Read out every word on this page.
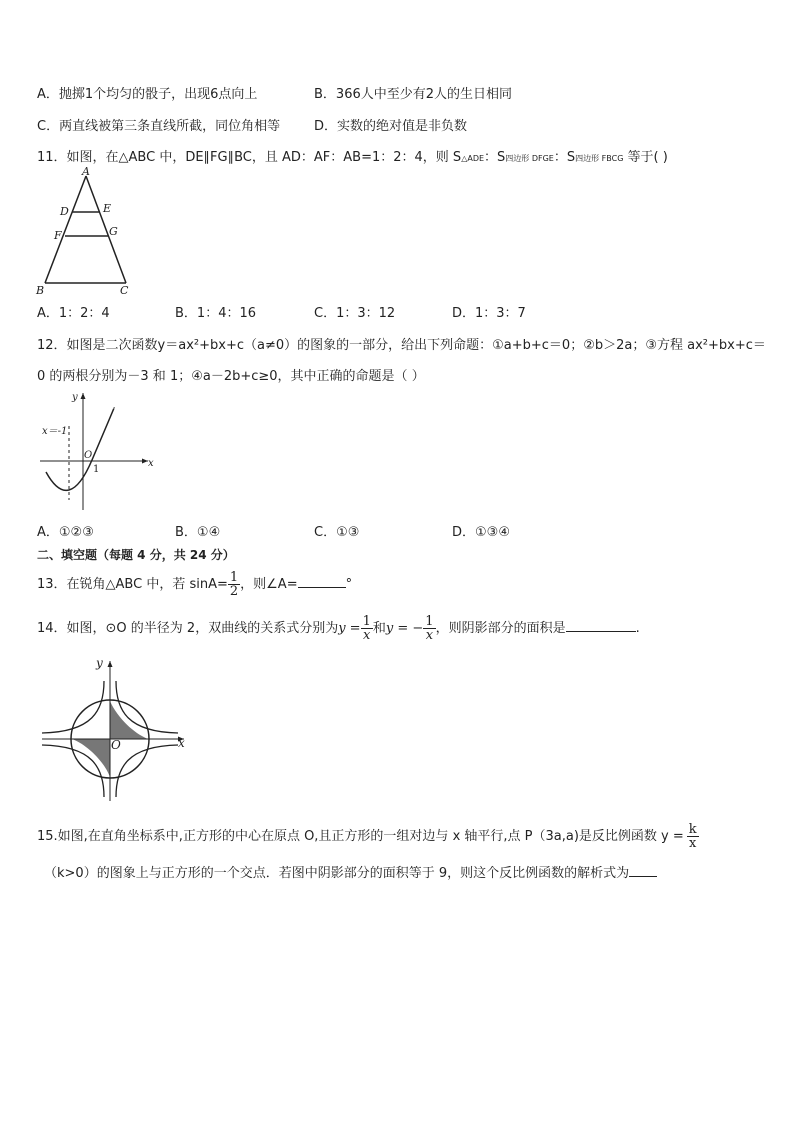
A．抛掷1个均匀的骰子，出现6点向上	B．366人中至少有2人的生日相同
C．两直线被第三条直线所截，同位角相等	D．实数的绝对值是非负数
11．如图，在△ABC 中，DE∥FG∥BC，且 AD：AF：AB=1：2：4，则 S△ADE：S四边形 DFGE：S四边形 FBCG 等于( )
A
D	E
F	G
B	C
A．1：2：4	B．1：4：16	C．1：3：12	D．1：3：7
12．如图是二次函数y＝ax²+bx+c（a≠0）的图象的一部分，给出下列命题：①a+b+c＝0；②b＞2a；③方程 ax²+bx+c＝
0 的两根分别为－3 和 1；④a－2b+c≥0，其中正确的命题是（ ）
y
x
x＝-1
O
1
A．①②③	B．①④	C．①③	D．①③④
二、填空题（每题 4 分，共 24 分）
13．在锐角△ABC 中，若 $\sin A= \frac{1}{2}$ ，则∠A=	°
14．如图，⊙O 的半径为 2，双曲线的关系式分别为$y = \frac{1}{x}$ 和y = − $\frac{1}{x}$ ，则阴影部分的面积是	.
y
x
O
15.如图,在直角坐标系中,正方形的中心在原点 O,且正方形的一组对边与 x 轴平行,点 P（3a,a)是反比例函数 $y = \frac{k}{x}$
（k>0）的图象上与正方形的一个交点．若图中阴影部分的面积等于 9，则这个反比例函数的解析式为
